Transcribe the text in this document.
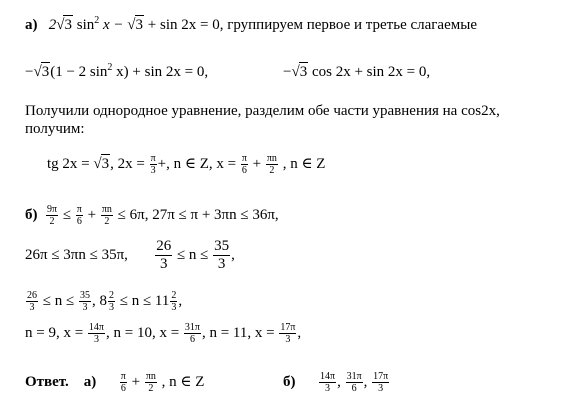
а) 2√3 $\sin^2 x - √3 + \sin 2x = 0$, группируем первое и третье слагаемые
−√3(1 − 2 $\sin^2 x) + \sin 2x = 0$,	−√3 cos 2x + sin 2x = 0,
Получили однородное уравнение, разделим обе части уравнения на cos2x,
получим:
tg 2x = √3, $2x = \frac{\pi}{3}$ +, n ∈ Z, $x = \frac{\pi}{6} + \frac{\pi n}{2}$ , n ∈ Z
$б) \frac{9\pi}{2} \le \frac{\pi}{6} + \frac{\pi n}{2} \le 6\pi$, 27π ≤ π + 3πn ≤ 36π,
26π ≤ 3πn ≤ 35π, $\frac{26}{3} \le n \le \frac{35}{3}$ ,
$\frac{26}{3} \le n \le \frac{35}{3}$ , $8 \frac{2}{3} \le n \le 11 \frac{2}{3}$ ,
n = 9, $x = \frac{14\pi}{3}$ , n = 10, $x = \frac{31\pi}{6}$ , n = 11, $x = \frac{17\pi}{3}$ ,
Ответ. $а) \frac{\pi}{6} + \frac{\pi n}{2}$ , n ∈ Z	$б) \frac{14\pi}{3}$ , $\frac{31\pi}{6}$ , $\frac{17\pi}{3}$
